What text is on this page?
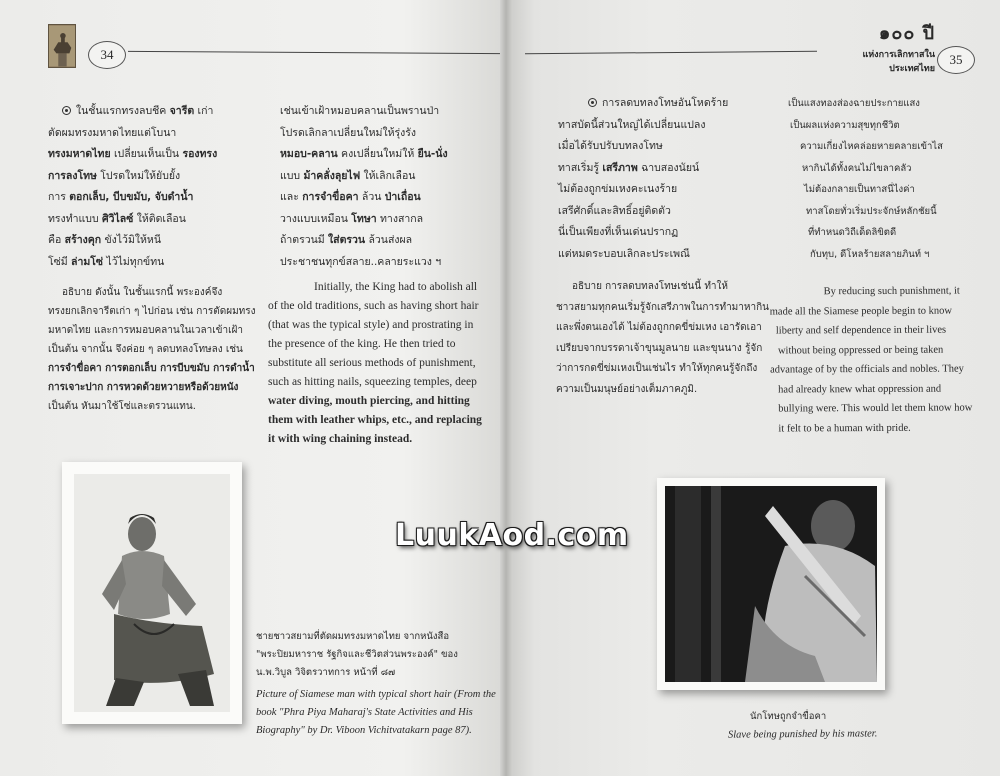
34

ในชั้นแรกทรงลบชีค จารีต เก่า

ตัดผมทรงมหาดไทยแต่โบนา

ทรงมหาดไทย เปลี่ยนเห็นเป็น รองทรง

การลงโทษ โปรดใหม่ให้ยับยั้ง

การ ตอกเล็บ, บีบขมับ, จับดำน้ำ

ทรงทำแบบ ศิวิไลซ์ ให้ติดเลือน

คือ สร้างคุก ขังไว้มิให้หนี

โซ่มี ล่ามโซ่ ไว้ไม่ทุกข์ทน

อธิบาย ดังนั้น ในชั้นแรกนี้ พระองค์จึง

ทรงยกเลิกจารีตเก่า ๆ ไปก่อน เช่น การตัดผมทรง

มหาดไทย และการหมอบคลานในเวลาเข้าเฝ้า

เป็นต้น จากนั้น จึงค่อย ๆ ลดบทลงโทษลง เช่น

การจำขื่อคา การตอกเล็บ การบีบขมับ การดำน้ำ

การเจาะปาก การหวดด้วยหวายหรือด้วยหนัง

เป็นต้น หันมาใช้โซ่และตรวนแทน.

เช่นเข้าเฝ้าหมอบคลานเป็นพรานป่า

โปรดเลิกลาเปลี่ยนใหม่ให้รุ่งรัง

หมอบ-คลาน คงเปลี่ยนใหม่ให้ ยืน-นั่ง

แบบ ม้าคลั่งลุยไฟ ให้เลิกเลือน

และ การจำขื่อคา ล้วน ป่าเถื่อน

วางแบบเหมือน โทษา ทางสากล

ถ้าตรวนมี ใส่ตรวน ล้วนส่งผล

ประชาชนทุกข์สลาย..คลายระแวง ฯ

Initially, the King had to abolish all

of the old traditions, such as having short hair

(that was the typical style) and prostrating in

the presence of the king. He then tried to

substitute all serious methods of punishment,

such as hitting nails, squeezing temples, deep

water diving, mouth piercing, and hitting

them with leather whips, etc., and replacing

it with wing chaining instead.

ชายชาวสยามที่ตัดผมทรงมหาดไทย จากหนังสือ

"พระปิยมหาราช รัฐกิจและชีวิตส่วนพระองค์" ของ

น.พ.วิบูล วิจิตรวาทการ หน้าที่ ๘๗

Picture of Siamese man with typical short hair (From the

book "Phra Piya Maharaj's State Activities and His

Biography" by Dr. Viboon Vichitvatakarn page 87).

๑๐๐ ปี
แห่งการเลิกทาสในประเทศไทย
35

การลดบทลงโทษอันโหดร้าย

ทาสบัดนี้ส่วนใหญ่ได้เปลี่ยนแปลง

เมื่อได้รับปรับบทลงโทษ

ทาสเริ่มรู้ เสรีภาพ ฉาบสองนัยน์

ไม่ต้องถูกข่มเหงคะเนงร้าย

เสรีศักดิ์และสิทธิ์อยู่ติดตัว

นี่เป็นเพียงที่เห็นเด่นปรากฏ

แต่หมดระบอบเลิกละประเพณี

อธิบาย การลดบทลงโทษเช่นนี้ ทำให้

ชาวสยามทุกคนเริ่มรู้จักเสรีภาพในการทำมาหากิน

และพึ่งตนเองได้ ไม่ต้องถูกกดขี่ข่มเหง เอารัดเอา

เปรียบจากบรรดาเจ้าขุนมูลนาย และขุนนาง รู้จัก

ว่าการกดขี่ข่มเหงเป็นเช่นไร ทำให้ทุกคนรู้จักถึง

ความเป็นมนุษย์อย่างเต็มภาคภูมิ.

เป็นแสงทองส่องฉายประกายแสง

เป็นผลแห่งความสุขทุกชีวิต

ความเกี่ยงไหคล่อยหายคลายเข้าไส

หากินได้ทั้งคนไม่ไขลาคลัว

ไม่ต้องกลายเป็นทาสนี่ไงค่า

ทาสโดยทั่วเริ่มประจักษ์หลักชัยนี้

ที่ทำหนดวิถีเด็ดลิขิตดี

กับทุบ, ดีโหลร้ายสลายภินท์ ฯ

By reducing such punishment, it

made all the Siamese people begin to know

liberty and self dependence in their lives

without being oppressed or being taken

advantage of by the officials and nobles. They

had already knew what oppression and

bullying were. This would let them know how

it felt to be a human with pride.

นักโทษถูกจำขื่อคา
Slave being punished by his master.
LuukAod.com
